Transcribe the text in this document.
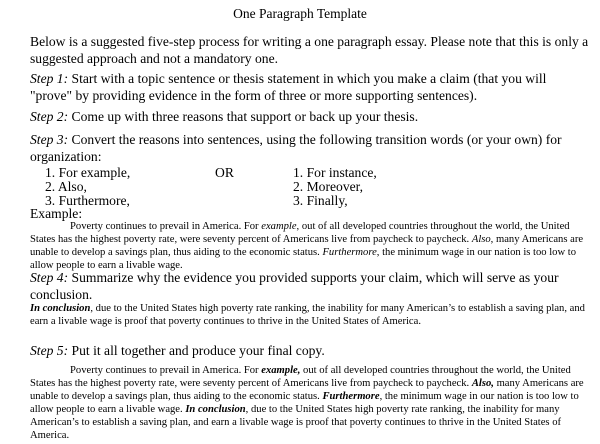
One Paragraph Template
Below is a suggested five-step process for writing a one paragraph essay. Please note that this is only a suggested approach and not a mandatory one.
Step 1: Start with a topic sentence or thesis statement in which you make a claim (that you will "prove" by providing evidence in the form of three or more supporting sentences).
Step 2: Come up with three reasons that support or back up your thesis.
Step 3: Convert the reasons into sentences, using the following transition words (or your own) for organization:
1. For example,
2. Also,
3. Furthermore,
OR	1. For instance,
2. Moreover,
3. Finally,
Example:
Poverty continues to prevail in America. For example, out of all developed countries throughout the world, the United States has the highest poverty rate, were seventy percent of Americans live from paycheck to paycheck. Also, many Americans are unable to develop a savings plan, thus aiding to the economic status. Furthermore, the minimum wage in our nation is too low to allow people to earn a livable wage.
Step 4: Summarize why the evidence you provided supports your claim, which will serve as your conclusion.
In conclusion, due to the United States high poverty rate ranking, the inability for many American’s to establish a saving plan, and earn a livable wage is proof that poverty continues to thrive in the United States of America.
Step 5: Put it all together and produce your final copy.
Poverty continues to prevail in America. For example, out of all developed countries throughout the world, the United States has the highest poverty rate, were seventy percent of Americans live from paycheck to paycheck. Also, many Americans are unable to develop a savings plan, thus aiding to the economic status. Furthermore, the minimum wage in our nation is too low to allow people to earn a livable wage. In conclusion, due to the United States high poverty rate ranking, the inability for many American’s to establish a saving plan, and earn a livable wage is proof that poverty continues to thrive in the United States of America.
